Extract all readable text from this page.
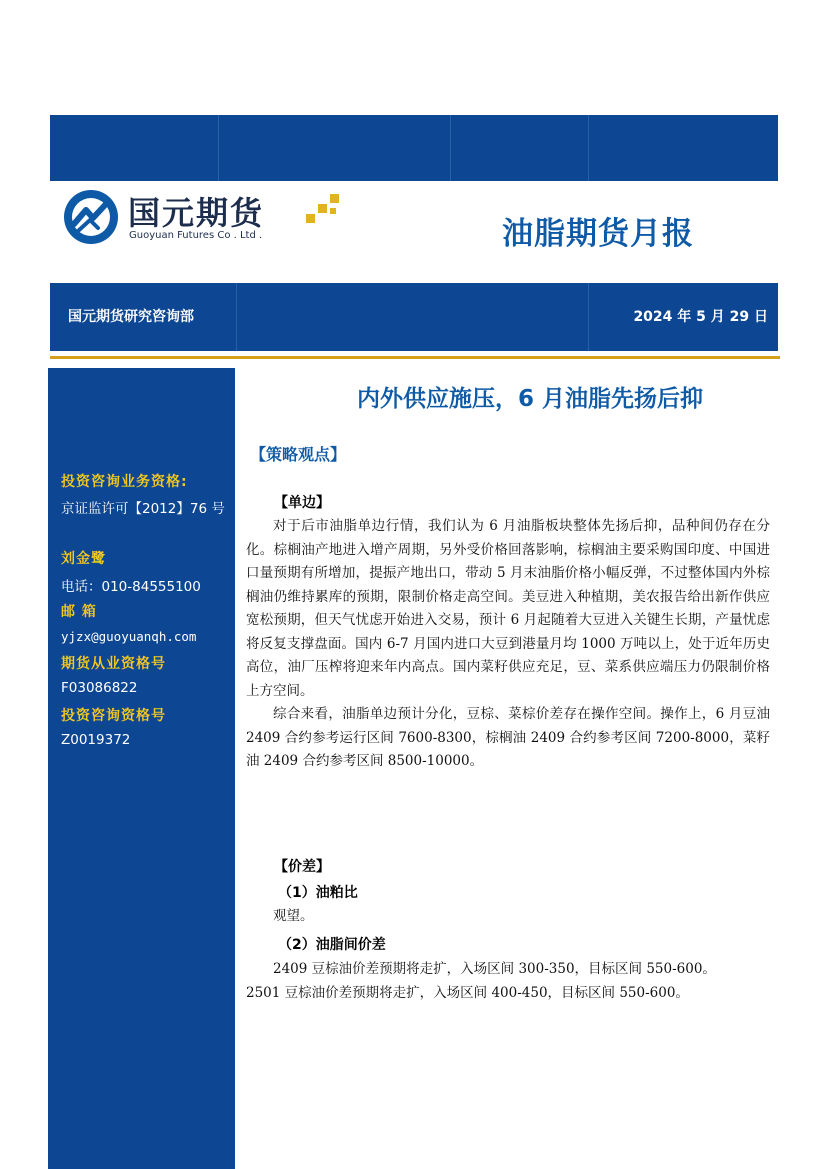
国元期货
Guoyuan Futures Co . Ltd .	油脂期货月报
国元期货研究咨询部	2024 年 5 月 29 日
投资咨询业务资格:
京证监许可【2012】76 号
刘金鹭
电话：010-84555100
邮 箱
yjzx@guoyuanqh.com
期货从业资格号
F03086822
投资咨询资格号
Z0019372
内外供应施压，6 月油脂先扬后抑
【策略观点】
【单边】

对于后市油脂单边行情，我们认为 6 月油脂板块整体先扬后抑，品种间仍存在分化。棕榈油产地进入增产周期，另外受价格回落影响，棕榈油主要采购国印度、中国进口量预期有所增加，提振产地出口，带动 5 月末油脂价格小幅反弹，不过整体国内外棕榈油仍维持累库的预期，限制价格走高空间。美豆进入种植期，美农报告给出新作供应宽松预期，但天气忧虑开始进入交易，预计 6 月起随着大豆进入关键生长期，产量忧虑将反复支撑盘面。国内 6-7 月国内进口大豆到港量月均 1000 万吨以上，处于近年历史高位，油厂压榨将迎来年内高点。国内菜籽供应充足，豆、菜系供应端压力仍限制价格上方空间。

综合来看，油脂单边预计分化，豆棕、菜棕价差存在操作空间。操作上，6 月豆油 2409 合约参考运行区间 7600-8300，棕榈油 2409 合约参考区间 7200-8000，菜籽油 2409 合约参考区间 8500-10000。

【价差】
（1）油粕比

观望。

（2）油脂间价差

2409 豆棕油价差预期将走扩，入场区间 300-350，目标区间 550-600。

2501 豆棕油价差预期将走扩，入场区间 400-450，目标区间 550-600。
